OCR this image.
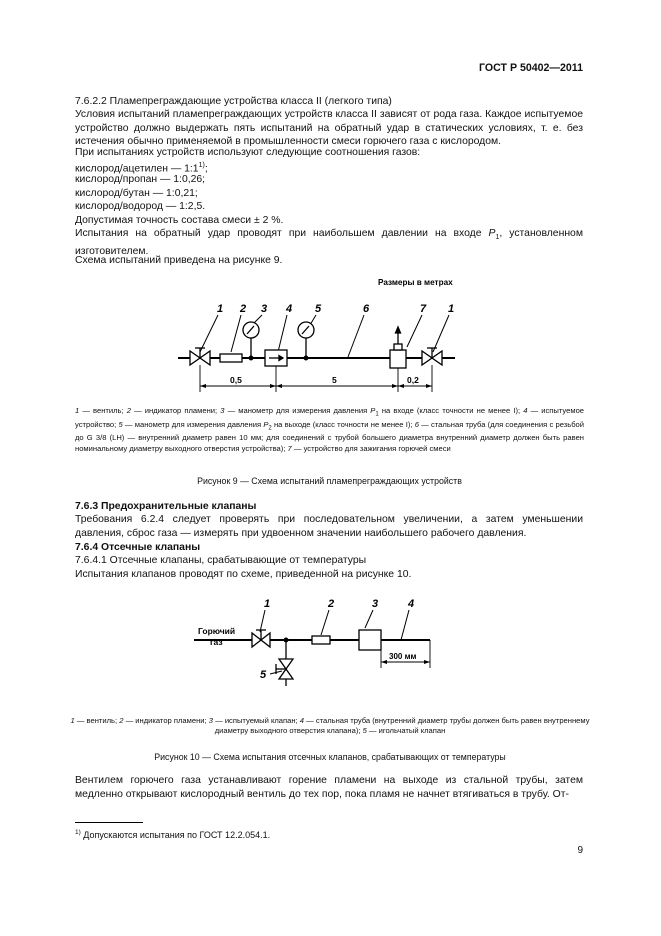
ГОСТ Р 50402—2011
7.6.2.2 Пламепреграждающие устройства класса II (легкого типа)
Условия испытаний пламепреграждающих устройств класса II зависят от рода газа. Каждое испытуемое устройство должно выдержать пять испытаний на обратный удар в статических условиях, т. е. без истечения обычно применяемой в промышленности смеси горючего газа с кислородом.
При испытаниях устройств используют следующие соотношения газов:
кислород/ацетилен — 1:1$^{1)}$;
кислород/пропан — 1:0,26;
кислород/бутан — 1:0,21;
кислород/водород — 1:2,5.
Допустимая точность состава смеси ± 2 %.
Испытания на обратный удар проводят при наибольшем давлении на входе $P_1$, установленном изготовителем.
Схема испытаний приведена на рисунке 9.
Размеры в метрах
1 2 3 4 5	6	7 1
0,5	5	0,2
1 — вентиль; 2 — индикатор пламени; 3 — манометр для измерения давления $P_1$ на входе (класс точности не менее I); 4 — испытуемое устройство; 5 — манометр для измерения давления $P_2$ на выходе (класс точности не менее I); 6 — стальная труба (для соединения с резьбой до G 3/8 (LH) — внутренний диаметр равен 10 мм; для соединений с трубой большего диаметра внутренний диаметр должен быть равен номинальному диаметру выходного отверстия устройства); 7 — устройство для зажигания горючей смеси
Рисунок 9 — Схема испытаний пламепреграждающих устройств
7.6.3 Предохранительные клапаны
Требования 6.2.4 следует проверять при последовательном увеличении, а затем уменьшении давления, сброс газа — измерять при удвоенном значении наибольшего рабочего давления.
7.6.4 Отсечные клапаны
7.6.4.1 Отсечные клапаны, срабатывающие от температуры
Испытания клапанов проводят по схеме, приведенной на рисунке 10.
Горючий
газ
1	2	3	4
5
300 мм
1 — вентиль; 2 — индикатор пламени; 3 — испытуемый клапан; 4 — стальная труба (внутренний диаметр трубы должен быть равен внутреннему диаметру выходного отверстия клапана); 5 — игольчатый клапан
Рисунок 10 — Схема испытания отсечных клапанов, срабатывающих от температуры
Вентилем горючего газа устанавливают горение пламени на выходе из стальной трубы, затем медленно открывают кислородный вентиль до тех пор, пока пламя не начнет втягиваться в трубу. От-
$^{1)}$ Допускаются испытания по ГОСТ 12.2.054.1.
9
